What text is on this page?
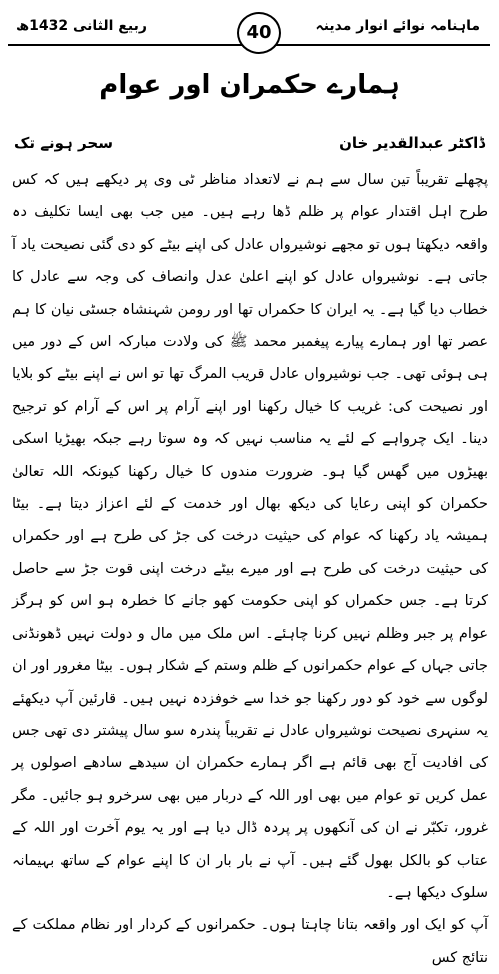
ربیع الثانی 1432ھ	40	ماہنامہ نوائے انوار مدینہ
ہمارے حکمران اور عوام
ڈاکٹر عبدالقدیر خان
سحر ہونے تک

پچھلے تقریباً تین سال سے ہم نے لاتعداد مناظر ٹی وی پر دیکھے ہیں کہ کس طرح اہل اقتدار عوام پر ظلم ڈھا رہے ہیں۔ میں جب بھی ایسا تکلیف دہ واقعہ دیکھتا ہوں تو مجھے نوشیرواں عادل کی اپنے بیٹے کو دی گئی نصیحت یاد آ جاتی ہے۔ نوشیرواں عادل کو اپنے اعلیٰ عدل وانصاف کی وجہ سے عادل کا خطاب دیا گیا ہے۔ یہ ایران کا حکمراں تھا اور رومن شہنشاہ جسٹی نیان کا ہم عصر تھا اور ہمارے پیارے پیغمبر محمد ﷺ کی ولادت مبارکہ اس کے دور میں ہی ہوئی تھی۔ جب نوشیرواں عادل قریب المرگ تھا تو اس نے اپنے بیٹے کو بلایا اور نصیحت کی: غریب کا خیال رکھنا اور اپنے آرام پر اس کے آرام کو ترجیح دینا۔ ایک چرواہے کے لئے یہ مناسب نہیں کہ وہ سوتا رہے جبکہ بھیڑیا اسکی بھیڑوں میں گھس گیا ہو۔ ضرورت مندوں کا خیال رکھنا کیونکہ اللہ تعالیٰ حکمران کو اپنی رعایا کی دیکھ بھال اور خدمت کے لئے اعزاز دیتا ہے۔ بیٹا ہمیشہ یاد رکھنا کہ عوام کی حیثیت درخت کی جڑ کی طرح ہے اور حکمراں کی حیثیت درخت کی طرح ہے اور میرے بیٹے درخت اپنی قوت جڑ سے حاصل کرتا ہے۔ جس حکمراں کو اپنی حکومت کھو جانے کا خطرہ ہو اس کو ہرگز عوام پر جبر وظلم نہیں کرنا چاہئے۔ اس ملک میں مال و دولت نہیں ڈھونڈنی جاتی جہاں کے عوام حکمرانوں کے ظلم وستم کے شکار ہوں۔ بیٹا مغرور اور ان لوگوں سے خود کو دور رکھنا جو خدا سے خوفزدہ نہیں ہیں۔ قارئین آپ دیکھئے یہ سنہری نصیحت نوشیرواں عادل نے تقریباً پندرہ سو سال پیشتر دی تھی جس کی افادیت آج بھی قائم ہے اگر ہمارے حکمران ان سیدھے سادھے اصولوں پر عمل کریں تو عوام میں بھی اور اللہ کے دربار میں بھی سرخرو ہو جائیں۔ مگر غرور، تکبّر نے ان کی آنکھوں پر پردہ ڈال دیا ہے اور یہ یوم آخرت اور اللہ کے عتاب کو بالکل بھول گئے ہیں۔ آپ نے بار بار ان کا اپنے عوام کے ساتھ بہیمانہ سلوک دیکھا ہے۔

آپ کو ایک اور واقعہ بتانا چاہتا ہوں۔ حکمرانوں کے کردار اور نظام مملکت کے نتائج کس
